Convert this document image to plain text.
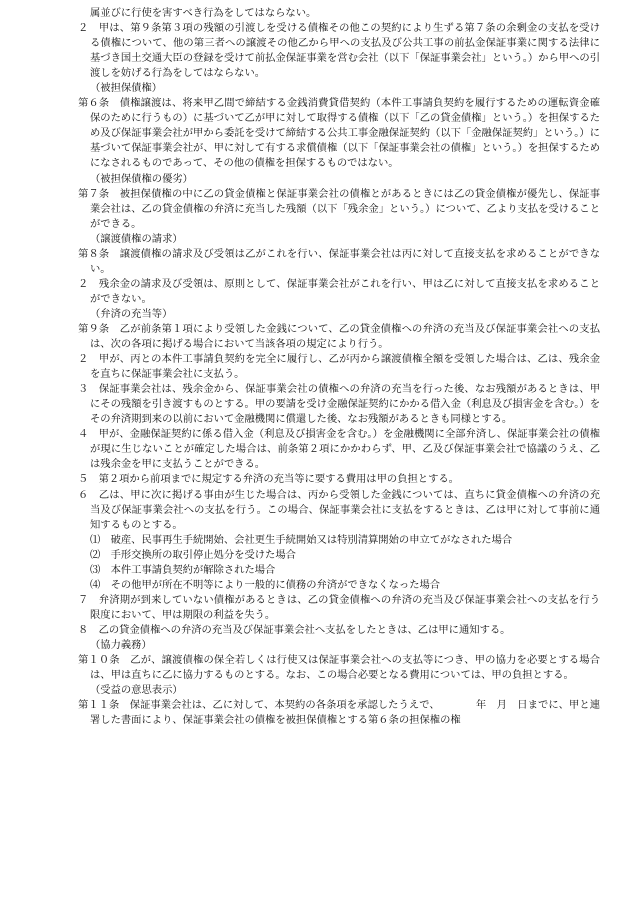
属並びに行使を害すべき行為をしてはならない。

２　甲は、第９条第３項の残額の引渡しを受ける債権その他この契約により生ずる第７条の余剰金の支払を受ける債権について、他の第三者への譲渡その他乙から甲への支払及び公共工事の前払金保証事業に関する法律に基づき国土交通大臣の登録を受けて前払金保証事業を営む会社（以下「保証事業会社」という。）から甲への引渡しを妨げる行為をしてはならない。

（被担保債権）

第６条　債権譲渡は、将来甲乙間で締結する金銭消費貸借契約（本件工事請負契約を履行するための運転資金確保のために行うもの）に基づいて乙が甲に対して取得する債権（以下「乙の貸金債権」という。）を担保するため及び保証事業会社が甲から委託を受けて締結する公共工事金融保証契約（以下「金融保証契約」という。）に基づいて保証事業会社が、甲に対して有する求償債権（以下「保証事業会社の債権」という。）を担保するためになされるものであって、その他の債権を担保するものではない。

（被担保債権の優劣）

第７条　被担保債権の中に乙の貸金債権と保証事業会社の債権とがあるときには乙の貸金債権が優先し、保証事業会社は、乙の貸金債権の弁済に充当した残額（以下「残余金」という。）について、乙より支払を受けることができる。

（譲渡債権の請求）

第８条　譲渡債権の請求及び受領は乙がこれを行い、保証事業会社は丙に対して直接支払を求めることができない。

２　残余金の請求及び受領は、原則として、保証事業会社がこれを行い、甲は乙に対して直接支払を求めることができない。

（弁済の充当等）

第９条　乙が前条第１項により受領した金銭について、乙の貸金債権への弁済の充当及び保証事業会社への支払は、次の各項に掲げる場合において当該各項の規定により行う。

２　甲が、丙との本件工事請負契約を完全に履行し、乙が丙から譲渡債権全額を受領した場合は、乙は、残余金を直ちに保証事業会社に支払う。

３　保証事業会社は、残余金から、保証事業会社の債権への弁済の充当を行った後、なお残額があるときは、甲にその残額を引き渡すものとする。甲の要請を受け金融保証契約にかかる借入金（利息及び損害金を含む。）をその弁済期到来の以前において金融機関に償還した後、なお残額があるときも同様とする。

４　甲が、金融保証契約に係る借入金（利息及び損害金を含む。）を金融機関に全部弁済し、保証事業会社の債権が現に生じないことが確定した場合は、前条第２項にかかわらず、甲、乙及び保証事業会社で協議のうえ、乙は残余金を甲に支払うことができる。

５　第２項から前項までに規定する弁済の充当等に要する費用は甲の負担とする。

６　乙は、甲に次に掲げる事由が生じた場合は、丙から受領した金銭については、直ちに貸金債権への弁済の充当及び保証事業会社への支払を行う。この場合、保証事業会社に支払をするときは、乙は甲に対して事前に通知するものとする。

⑴　破産、民事再生手続開始、会社更生手続開始又は特別清算開始の申立てがなされた場合

⑵　手形交換所の取引停止処分を受けた場合

⑶　本件工事請負契約が解除された場合

⑷　その他甲が所在不明等により一般的に債務の弁済ができなくなった場合

７　弁済期が到来していない債権があるときは、乙の貸金債権への弁済の充当及び保証事業会社への支払を行う限度において、甲は期限の利益を失う。

８　乙の貸金債権への弁済の充当及び保証事業会社へ支払をしたときは、乙は甲に通知する。

（協力義務）

第１０条　乙が、譲渡債権の保全若しくは行使又は保証事業会社への支払等につき、甲の協力を必要とする場合は、甲は直ちに乙に協力するものとする。なお、この場合必要となる費用については、甲の負担とする。

（受益の意思表示）

第１１条　保証事業会社は、乙に対して、本契約の各条項を承認したうえで、　　　　年　月　日までに、甲と連署した書面により、保証事業会社の債権を被担保債権とする第６条の担保権の権
